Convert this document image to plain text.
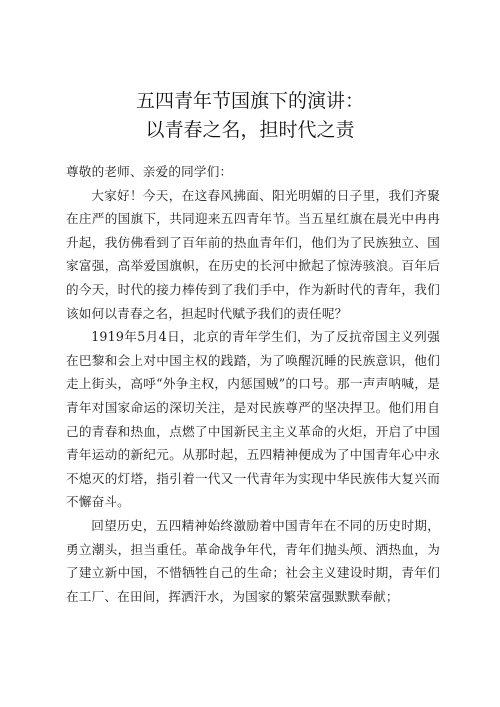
五四青年节国旗下的演讲：
以青春之名，担时代之责

尊敬的老师、亲爱的同学们：

大家好！今天，在这春风拂面、阳光明媚的日子里，我们齐聚在庄严的国旗下，共同迎来五四青年节。当五星红旗在晨光中冉冉升起，我仿佛看到了百年前的热血青年们，他们为了民族独立、国家富强，高举爱国旗帜，在历史的长河中掀起了惊涛骇浪。百年后的今天，时代的接力棒传到了我们手中，作为新时代的青年，我们该如何以青春之名，担起时代赋予我们的责任呢？

1919年5月4日，北京的青年学生们，为了反抗帝国主义列强在巴黎和会上对中国主权的践踏，为了唤醒沉睡的民族意识，他们走上街头，高呼“外争主权，内惩国贼”的口号。那一声声呐喊，是青年对国家命运的深切关注，是对民族尊严的坚决捍卫。他们用自己的青春和热血，点燃了中国新民主主义革命的火炬，开启了中国青年运动的新纪元。从那时起，五四精神便成为了中国青年心中永不熄灭的灯塔，指引着一代又一代青年为实现中华民族伟大复兴而不懈奋斗。

回望历史，五四精神始终激励着中国青年在不同的历史时期，勇立潮头，担当重任。革命战争年代，青年们抛头颅、洒热血，为了建立新中国，不惜牺牲自己的生命；社会主义建设时期，青年们在工厂、在田间，挥洒汗水，为国家的繁荣富强默默奉献；
